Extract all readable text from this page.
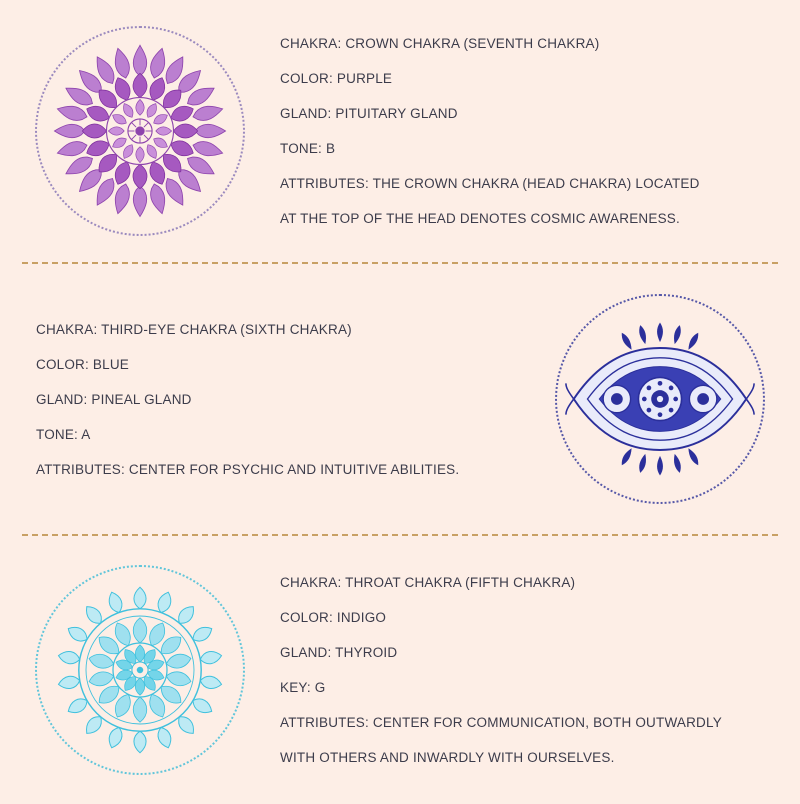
CHAKRA: CROWN CHAKRA (SEVENTH CHAKRA)
COLOR: PURPLE
GLAND: PITUITARY GLAND
TONE: B
ATTRIBUTES: THE CROWN CHAKRA (HEAD CHAKRA) LOCATED
AT THE TOP OF THE HEAD DENOTES COSMIC AWARENESS.
CHAKRA: THIRD-EYE CHAKRA (SIXTH CHAKRA)
COLOR: BLUE
GLAND: PINEAL GLAND
TONE: A
ATTRIBUTES: CENTER FOR PSYCHIC AND INTUITIVE ABILITIES.
CHAKRA: THROAT CHAKRA (FIFTH CHAKRA)
COLOR: INDIGO
GLAND: THYROID
KEY: G
ATTRIBUTES: CENTER FOR COMMUNICATION, BOTH OUTWARDLY
WITH OTHERS AND INWARDLY WITH OURSELVES.
